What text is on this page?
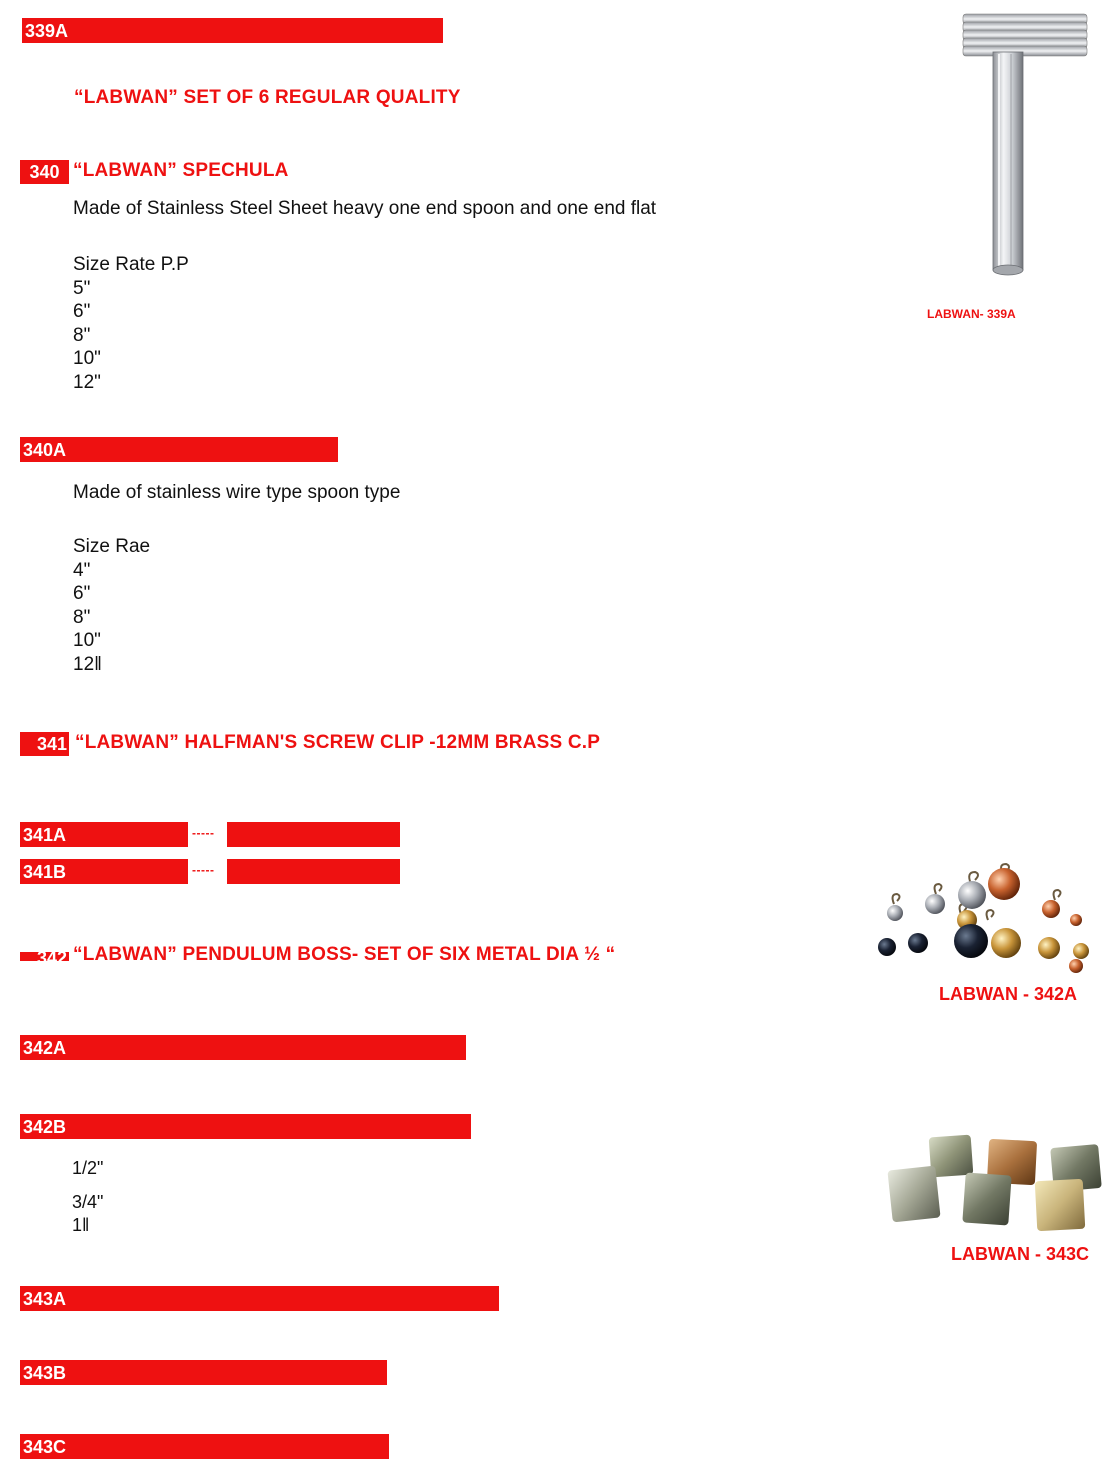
339A
“LABWAN” SET OF 6 REGULAR QUALITY
340 “LABWAN” SPECHULA
Made of Stainless Steel Sheet heavy one end spoon and one end flat
Size Rate P.P
5"
6"
8"
10"
12"
340A
Made of stainless wire type spoon type
Size Rae
4"
6"
8"
10"
12‖
341 “LABWAN” HALFMAN'S SCREW CLIP -12MM BRASS C.P
341A	-----
341B	-----
342 “LABWAN” PENDULUM BOSS- SET OF SIX METAL DIA ½ “
342A
342B
1/2"
3/4"
1‖
343A
343B
343C
LABWAN- 339A
LABWAN - 342A
LABWAN - 343C
